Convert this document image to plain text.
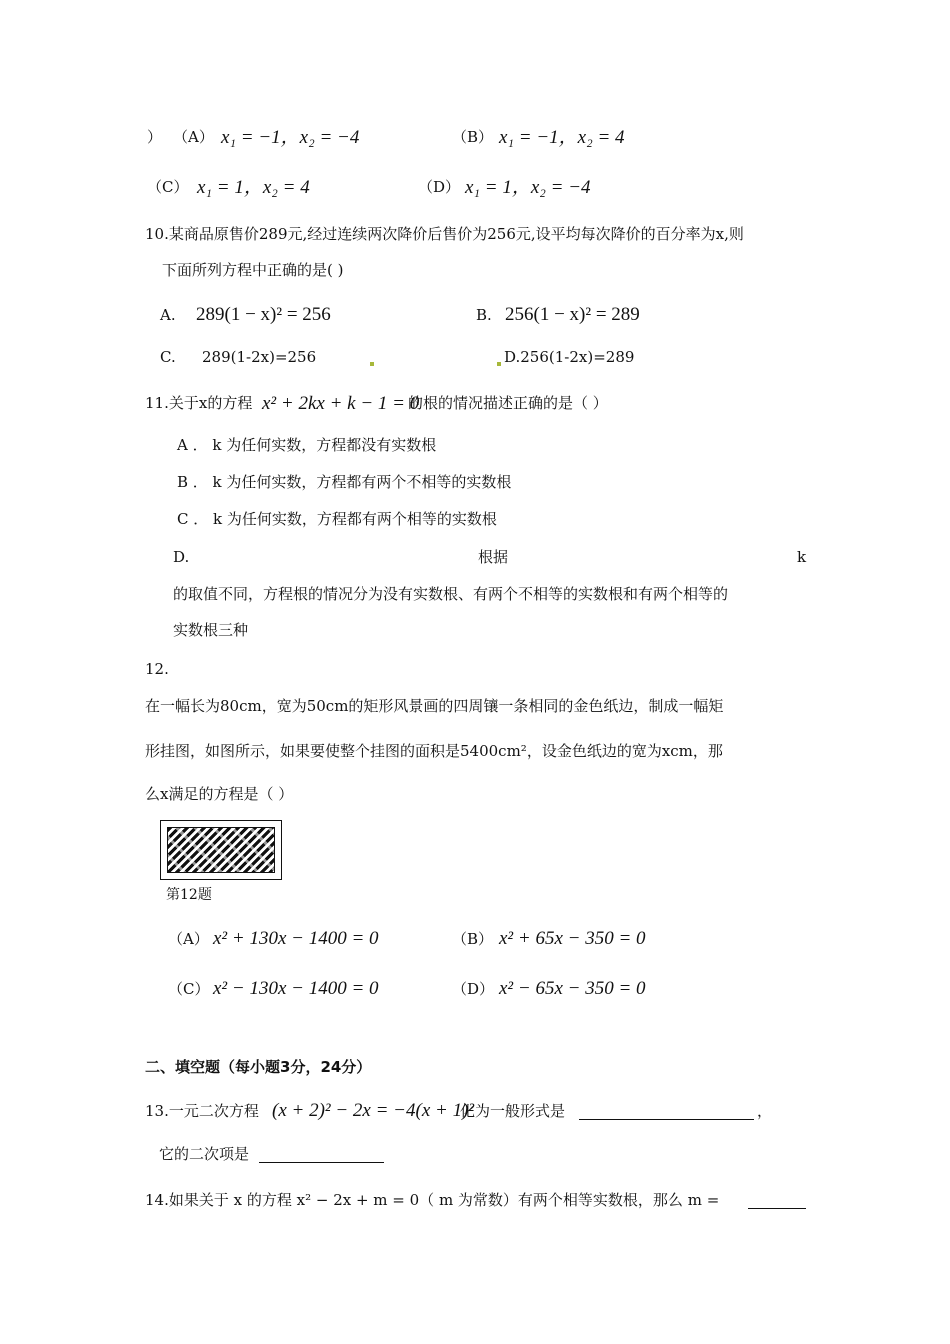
） （A） x₁ = −1，x₂ = −4	（B） x₁ = −1，x₂ = 4
（C） x₁ = 1，x₂ = 4	（D） x₁ = 1，x₂ = −4
10.某商品原售价289元,经过连续两次降价后售价为256元,设平均每次降价的百分率为x,则
下面所列方程中正确的是( )
A. 289(1 − x)² = 256	B. 256(1 − x)² = 289
C. 289(1-2x)=256	D.256(1-2x)=289
11.关于x的方程 x² + 2kx + k − 1 = 0
的根的情况描述正确的是（ ）
A ． k 为任何实数，方程都没有实数根
B ． k 为任何实数，方程都有两个不相等的实数根
C ． k 为任何实数，方程都有两个相等的实数根
D.	根据	k
的取值不同，方程根的情况分为没有实数根、有两个不相等的实数根和有两个相等的
实数根三种
12.
在一幅长为80cm，宽为50cm的矩形风景画的四周镶一条相同的金色纸边，制成一幅矩
形挂图，如图所示，如果要使整个挂图的面积是5400cm²，设金色纸边的宽为xcm，那
么x满足的方程是（ ）
第12题
（A） x² + 130x − 1400 = 0	（B） x² + 65x − 350 = 0
（C） x² − 130x − 1400 = 0	（D） x² − 65x − 350 = 0
二、填空题（每小题3分，24分）
13.一元二次方程 (x + 2)² − 2x = −4(x + 1)²
化为一般形式是	，
它的二次项是
14.如果关于 x 的方程 x² − 2x + m = 0（ m 为常数）有两个相等实数根，那么 m =
